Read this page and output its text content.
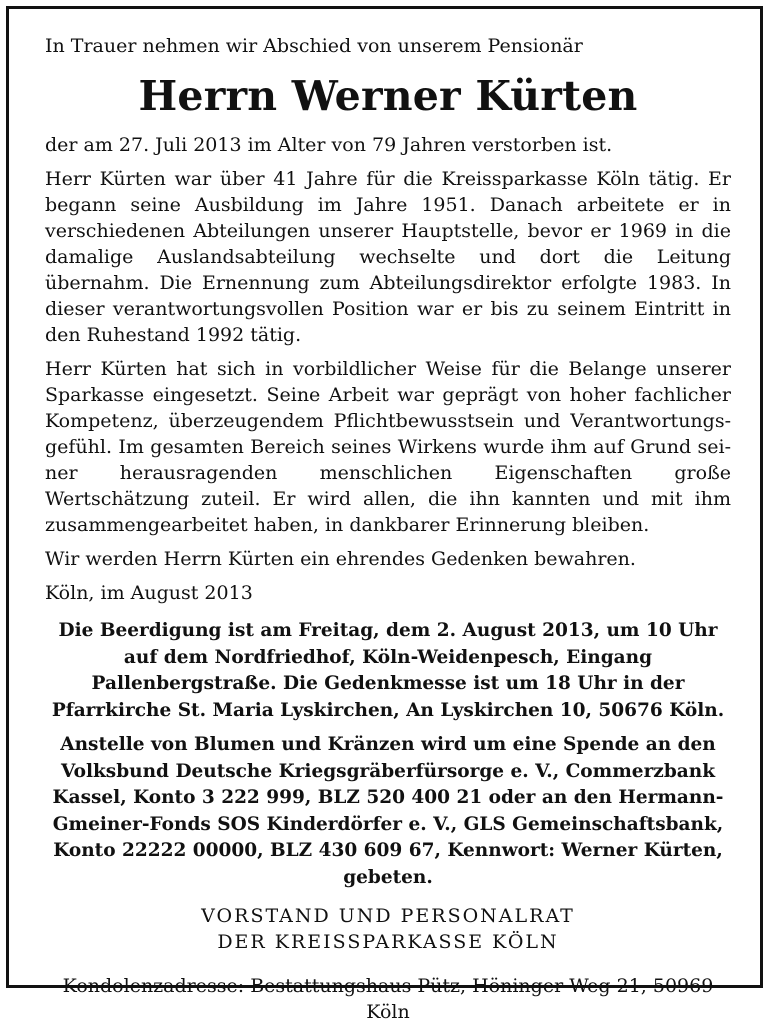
In Trauer nehmen wir Abschied von unserem Pensionär

Herrn Werner Kürten

der am 27. Juli 2013 im Alter von 79 Jahren verstorben ist.

Herr Kürten war über 41 Jahre für die Kreissparkasse Köln tätig. Er begann seine Ausbildung im Jahre 1951. Danach arbeitete er in verschiedenen Abteilungen unserer Hauptstelle, bevor er 1969 in die damalige Auslandsabteilung wechselte und dort die Leitung übernahm. Die Ernennung zum Abteilungsdirektor erfolgte 1983. In dieser verantwortungsvollen Position war er bis zu seinem Eintritt in den Ruhestand 1992 tätig.

Herr Kürten hat sich in vorbildlicher Weise für die Belange unserer Sparkasse eingesetzt. Seine Arbeit war geprägt von hoher fachlicher Kompetenz, überzeugendem Pflichtbewusstsein und Verantwortungsgefühl. Im gesamten Bereich seines Wirkens wurde ihm auf Grund seiner herausragenden menschlichen Eigenschaften große Wertschätzung zuteil. Er wird allen, die ihn kannten und mit ihm zusammengearbeitet haben, in dankbarer Erinnerung bleiben.

Wir werden Herrn Kürten ein ehrendes Gedenken bewahren.

Köln, im August 2013

Die Beerdigung ist am Freitag, dem 2. August 2013, um 10 Uhr auf dem Nordfriedhof, Köln-Weidenpesch, Eingang Pallenbergstraße. Die Gedenkmesse ist um 18 Uhr in der Pfarrkirche St. Maria Lyskirchen, An Lyskirchen 10, 50676 Köln.

Anstelle von Blumen und Kränzen wird um eine Spende an den Volksbund Deutsche Kriegsgräberfürsorge e. V., Commerzbank Kassel, Konto 3 222 999, BLZ 520 400 21 oder an den Hermann-Gmeiner-Fonds SOS Kinderdörfer e. V., GLS Gemeinschaftsbank, Konto 22222 00000, BLZ 430 609 67, Kennwort: Werner Kürten, gebeten.

VORSTAND UND PERSONALRAT
DER KREISSPARKASSE KÖLN

Kondolenzadresse: Bestattungshaus Pütz, Höninger Weg 21, 50969 Köln
